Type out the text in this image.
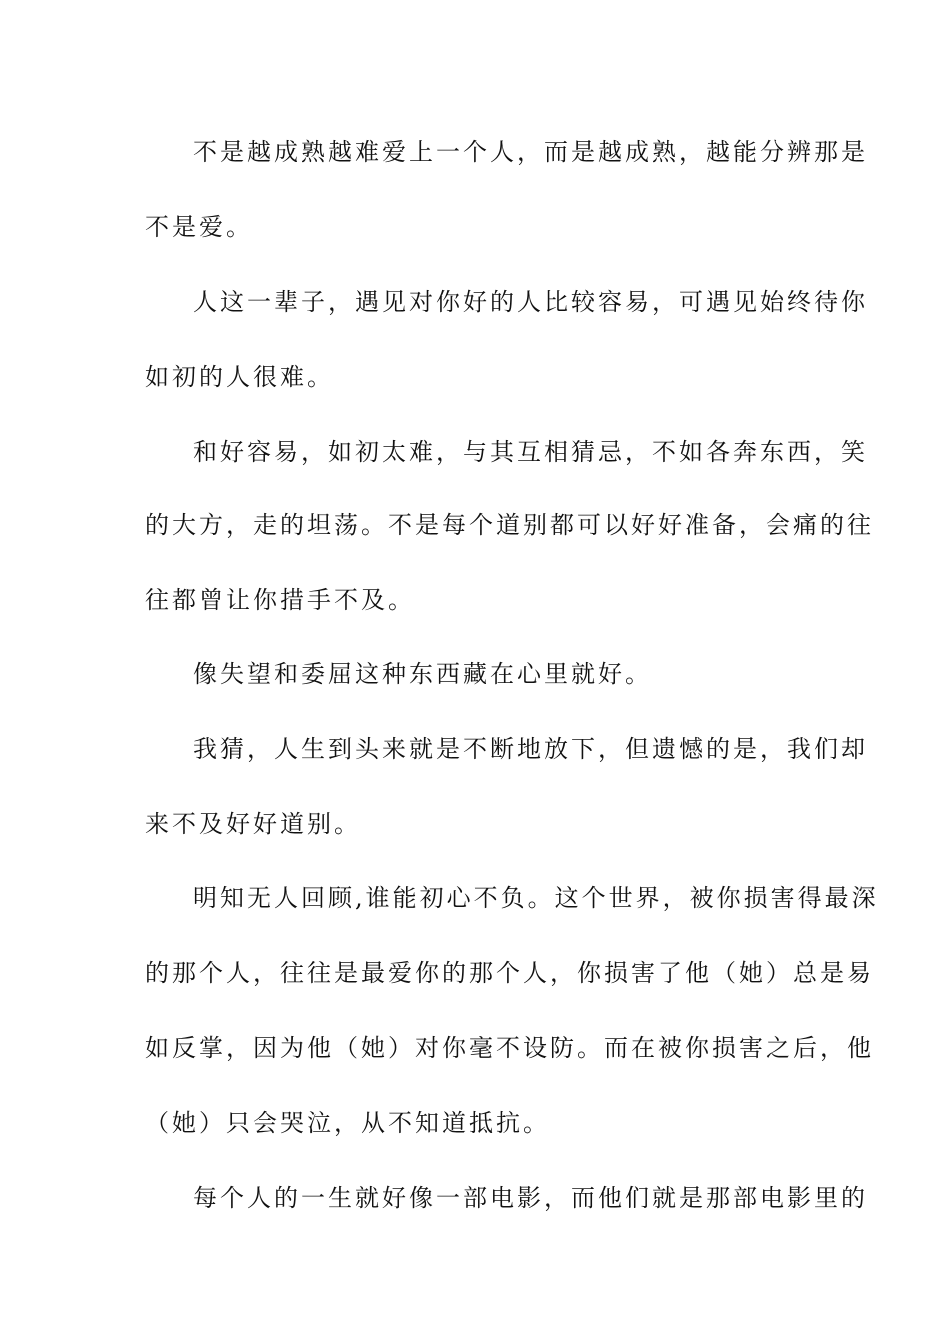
不是越成熟越难爱上一个人，而是越成熟，越能分辨那是
不是爱。
人这一辈子，遇见对你好的人比较容易，可遇见始终待你
如初的人很难。
和好容易，如初太难，与其互相猜忌，不如各奔东西，笑
的大方，走的坦荡。不是每个道别都可以好好准备，会痛的往
往都曾让你措手不及。
像失望和委屈这种东西藏在心里就好。
我猜，人生到头来就是不断地放下，但遗憾的是，我们却
来不及好好道别。
明知无人回顾,谁能初心不负。这个世界，被你损害得最深
的那个人，往往是最爱你的那个人，你损害了他（她）总是易
如反掌，因为他（她）对你毫不设防。而在被你损害之后，他
（她）只会哭泣，从不知道抵抗。
每个人的一生就好像一部电影，而他们就是那部电影里的
